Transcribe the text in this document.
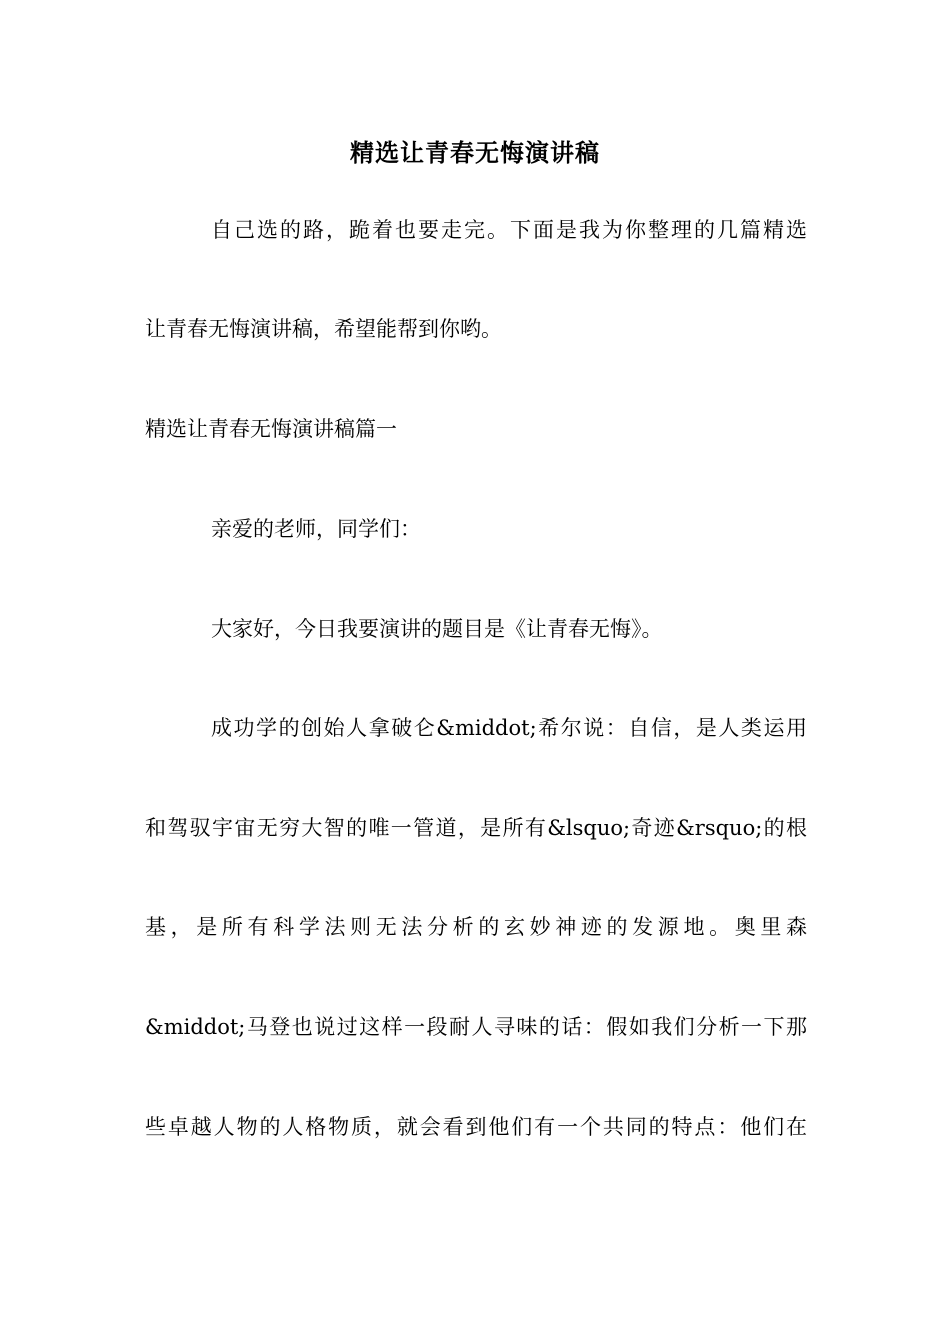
精选让青春无悔演讲稿
自己选的路，跪着也要走完。下面是我为你整理的几篇精选
让青春无悔演讲稿，希望能帮到你哟。
精选让青春无悔演讲稿篇一
亲爱的老师，同学们：
大家好，今日我要演讲的题目是《让青春无悔》。
成功学的创始人拿破仑&middot;希尔说：自信，是人类运用
和驾驭宇宙无穷大智的唯一管道，是所有&lsquo;奇迹&rsquo;的根
基，是所有科学法则无法分析的玄妙神迹的发源地。奥里森
&middot;马登也说过这样一段耐人寻味的话：假如我们分析一下那
些卓越人物的人格物质，就会看到他们有一个共同的特点：他们在
